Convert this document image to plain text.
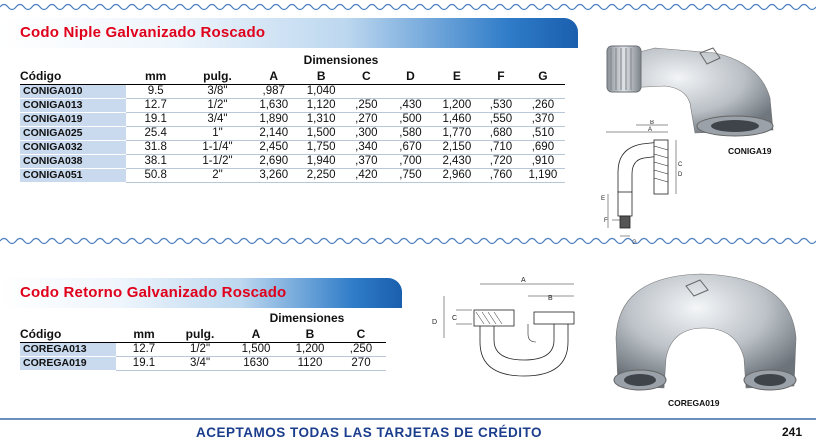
Codo Niple Galvanizado Roscado
			Dimensiones						
Código	mm	pulg.	A	B	C	D	E	F	G
CONIGA010	9.5	3/8"	,987	1,040					
CONIGA013	12.7	1/2"	1,630	1,120	,250	,430	1,200	,530	,260
CONIGA019	19.1	3/4"	1,890	1,310	,270	,500	1,460	,550	,370
CONIGA025	25.4	1"	2,140	1,500	,300	,580	1,770	,680	,510
CONIGA032	31.8	1-1/4"	2,450	1,750	,340	,670	2,150	,710	,690
CONIGA038	38.1	1-1/2"	2,690	1,940	,370	,700	2,430	,720	,910
CONIGA051	50.8	2"	3,260	2,250	,420	,750	2,960	,760	1,190
CONIGA19
B
A
C
D
E
F
G
Codo Retorno Galvanizado Roscado
			Dimensiones		
Código	mm	pulg.	A	B	C
COREGA013	12.7	1/2"	1,500	1,200	,250
COREGA019	19.1	3/4"	1630	1120	270
A
B
C
D
COREGA019
ACEPTAMOS TODAS LAS TARJETAS DE CRÉDITO	241
